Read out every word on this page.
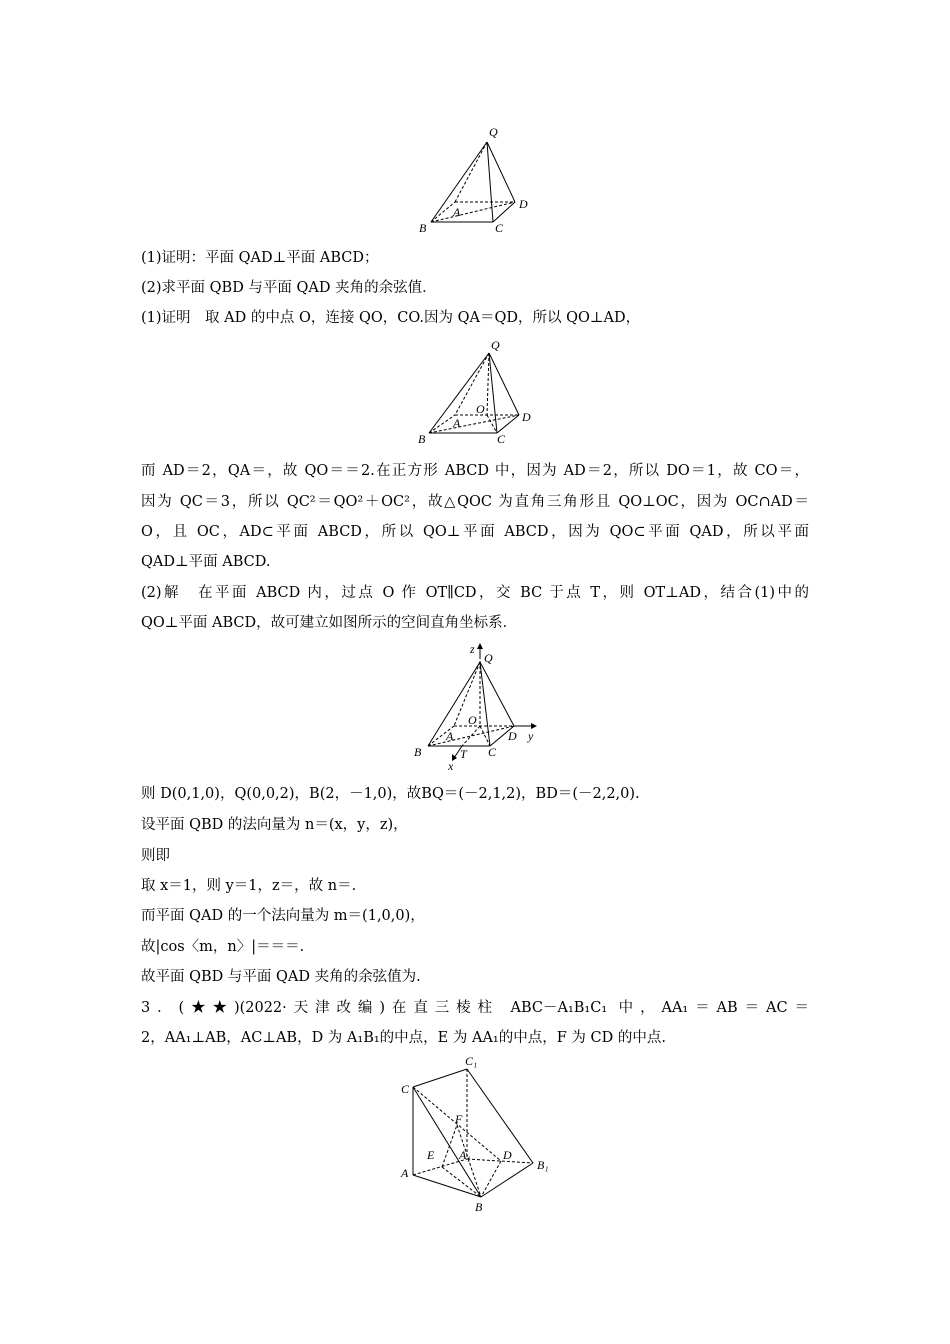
Q
A
B	C
D
Q
O
A
B	C
D
z
Q
O
A
B	T C
D y
x
C₁
C
F
E A₁	D
B₁
A
B
(1)证明：平面 QAD⊥平面 ABCD；
(2)求平面 QBD 与平面 QAD 夹角的余弦值．
(1)证明　取 AD 的中点 O，连接 QO，CO.因为 QA＝QD，所以 QO⊥AD，
而 AD＝2，QA＝，故 QO＝＝2.在正方形 ABCD 中，因为 AD＝2，所以 DO＝1，故 CO＝，
因为 QC＝3，所以 QC²＝QO²＋OC²，故△QOC 为直角三角形且 QO⊥OC，因为 OC∩AD＝
O，且 OC，AD⊂平面 ABCD，所以 QO⊥平面 ABCD，因为 QO⊂平面 QAD，所以平面
QAD⊥平面 ABCD.
(2)解　在平面 ABCD 内，过点 O 作 OT∥CD，交 BC 于点 T，则 OT⊥AD，结合(1)中的
QO⊥平面 ABCD，故可建立如图所示的空间直角坐标系．
则 D(0,1,0)，Q(0,0,2)，B(2，－1,0)，故BQ＝(－2,1,2)，BD＝(－2,2,0).
设平面 QBD 的法向量为 n＝(x，y，z)，
则即
取 x＝1，则 y＝1，z＝，故 n＝.
而平面 QAD 的一个法向量为 m＝(1,0,0)，
故|cos〈m，n〉|＝＝＝.
故平面 QBD 与平面 QAD 夹角的余弦值为.
3．(★★)(2022·天津改编)在直三棱柱 ABC－A₁B₁C₁ 中，AA₁＝AB＝AC＝
2，AA₁⊥AB，AC⊥AB，D 为 A₁B₁的中点，E 为 AA₁的中点，F 为 CD 的中点.
